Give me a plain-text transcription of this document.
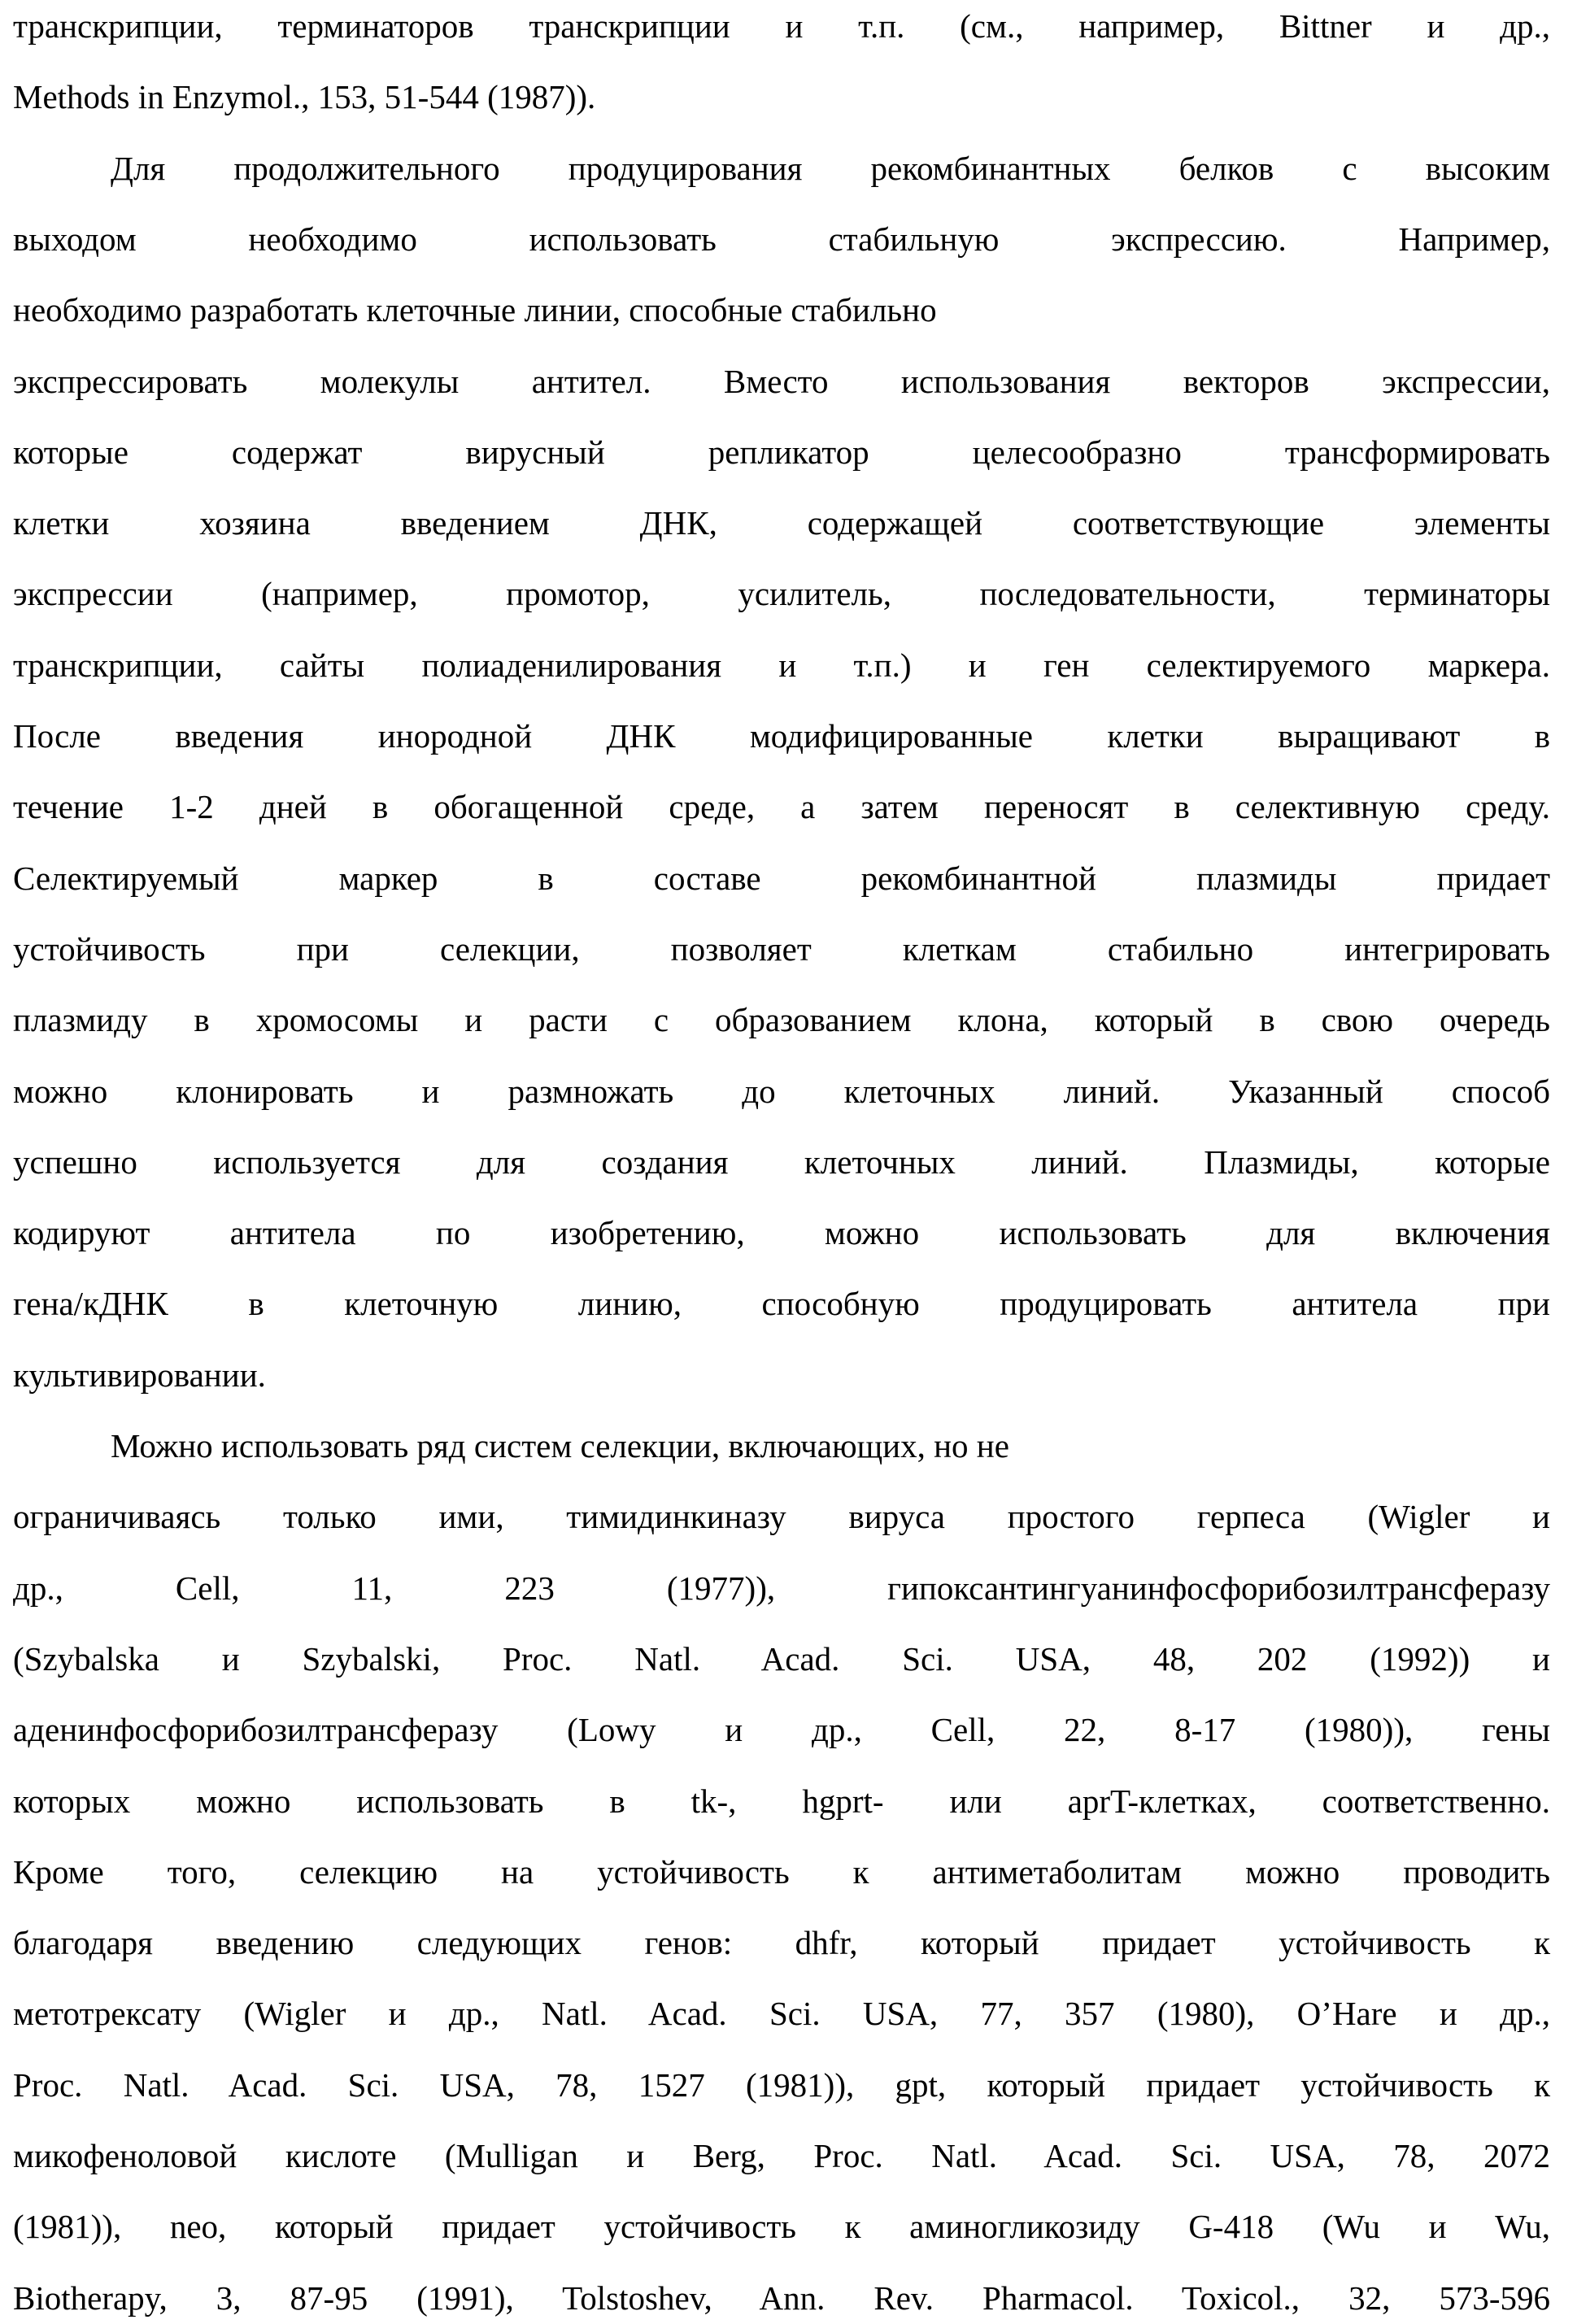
транскрипции, терминаторов транскрипции и т.п. (см., например, Bittner и др.,
Methods in Enzymol., 153, 51-544 (1987)).
Для продолжительного продуцирования рекомбинантных белков с высоким
выходом необходимо использовать стабильную экспрессию. Например,
необходимо разработать клеточные линии, способные стабильно
экспрессировать молекулы антител. Вместо использования векторов экспрессии,
которые содержат вирусный репликатор целесообразно трансформировать
клетки хозяина введением ДНК, содержащей соответствующие элементы
экспрессии (например, промотор, усилитель, последовательности, терминаторы
транскрипции, сайты полиаденилирования и т.п.) и ген селектируемого маркера.
После введения инородной ДНК модифицированные клетки выращивают в
течение 1-2 дней в обогащенной среде, а затем переносят в селективную среду.
Селектируемый маркер в составе рекомбинантной плазмиды придает
устойчивость при селекции, позволяет клеткам стабильно интегрировать
плазмиду в хромосомы и расти с образованием клона, который в свою очередь
можно клонировать и размножать до клеточных линий. Указанный способ
успешно используется для создания клеточных линий. Плазмиды, которые
кодируют антитела по изобретению, можно использовать для включения
гена/кДНК в клеточную линию, способную продуцировать антитела при
культивировании.
Можно использовать ряд систем селекции, включающих, но не
ограничиваясь только ими, тимидинкиназу вируса простого герпеса (Wigler и
др., Cell, 11, 223 (1977)), гипоксантингуанинфосфорибозилтрансферазу
(Szybalska и Szybalski, Proc. Natl. Acad. Sci. USA, 48, 202 (1992)) и
аденинфосфорибозилтрансферазу (Lowy и др., Cell, 22, 8-17 (1980)), гены
которых можно использовать в tk-, hgprt- или aprT-клетках, соответственно.
Кроме того, селекцию на устойчивость к антиметаболитам можно проводить
благодаря введению следующих генов: dhfr, который придает устойчивость к
метотрексату (Wigler и др., Natl. Acad. Sci. USA, 77, 357 (1980), O’Hare и др.,
Proc. Natl. Acad. Sci. USA, 78, 1527 (1981)), gpt, который придает устойчивость к
микофеноловой кислоте (Mulligan и Berg, Proc. Natl. Acad. Sci. USA, 78, 2072
(1981)), neo, который придает устойчивость к аминогликозиду G-418 (Wu и Wu,
Biotherapy, 3, 87-95 (1991), Tolstoshev, Ann. Rev. Pharmacol. Toxicol., 32, 573-596
